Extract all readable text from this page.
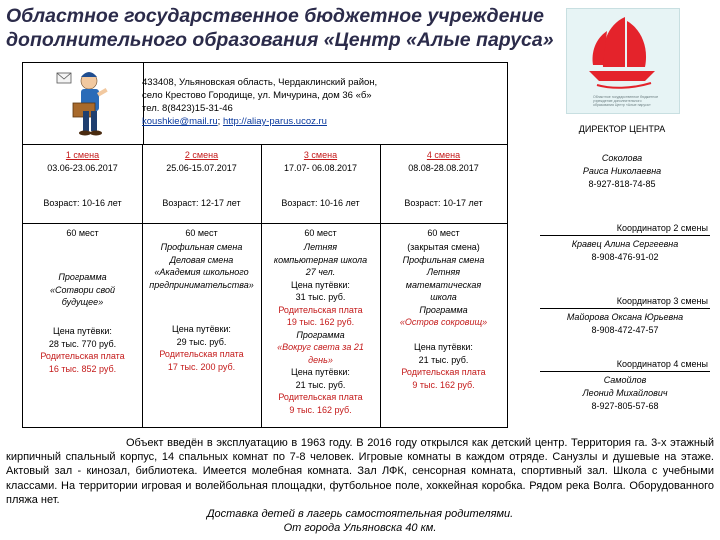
Областное государственное бюджетное учреждение
дополнительного образования «Центр «Алые паруса»
Областное государственное бюджетное учреждение дополнительного образования Центр «Алые паруса»
433408, Ульяновская область, Чердаклинский район,
село Крестово Городище, ул. Мичурина, дом 36 «б»
тел. 8(8423)15-31-46
koushkie@mail.ru; http://aliay-parus.ucoz.ru
1 смена
03.06-23.06.2017
Возраст: 10-16 лет
60 мест
Программа
«Сотвори свой
будущее»
Цена путёвки:
28 тыс. 770 руб.
Родительская плата
16 тыс. 852 руб.
2 смена
25.06-15.07.2017
Возраст: 12-17 лет
60 мест
Профильная смена
Деловая смена
«Академия школьного
предпринимательства»
Цена путёвки:
29 тыс. руб.
Родительская плата
17 тыс. 200 руб.
3 смена
17.07- 06.08.2017
Возраст: 10-16 лет
60 мест
Летняя
компьютерная школа
27 чел.
Цена путёвки:
31 тыс. руб.
Родительская плата
19 тыс. 162 руб.
Программа
«Вокруг света за 21
день»
Цена путёвки:
21 тыс. руб.
Родительская плата
9 тыс. 162 руб.
4 смена
08.08-28.08.2017
Возраст: 10-17 лет
60 мест
(закрытая смена)
Профильная смена
Летняя
математическая
школа
Программа
«Остров сокровищ»
Цена путёвки:
21 тыс. руб.
Родительская плата
9 тыс. 162 руб.
ДИРЕКТОР ЦЕНТРА
Соколова
Раиса Николаевна
8-927-818-74-85
Координатор 2 смены
Кравец Алина Сергеевна
8-908-476-91-02
Координатор 3 смены
Майорова Оксана Юрьевна
8-908-472-47-57
Координатор 4 смены
Самойлов
Леонид Михайлович
8-927-805-57-68

Объект введён в эксплуатацию в 1963 году. В 2016 году открылся как детский центр. Территория га. 3-х этажный кирпичный спальный корпус, 14 спальных комнат по 7-8 человек. Игровые комнаты в каждом отряде. Санузлы и душевые на этаже. Актовый зал - кинозал, библиотека. Имеется молебная комната. Зал ЛФК, сенсорная комната, спортивный зал. Школа с учебными классами. На территории игровая и волейбольная площадки, футбольное поле, хоккейная коробка. Рядом река Волга. Оборудованного пляжа нет.

Доставка детей в лагерь самостоятельная родителями.

От города Ульяновска 40 км.
